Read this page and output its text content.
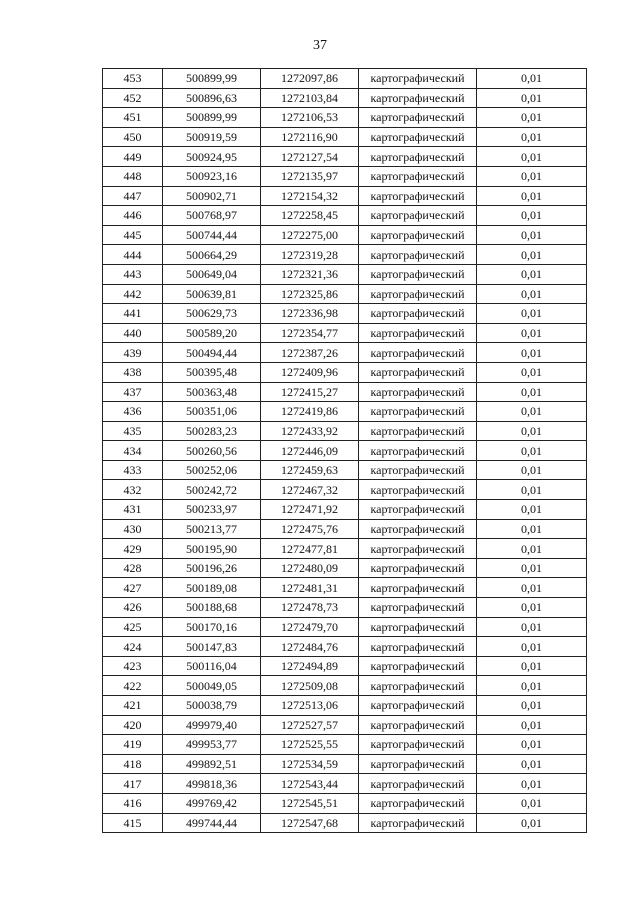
37
453	500899,99	1272097,86	картографический	0,01
452	500896,63	1272103,84	картографический	0,01
451	500899,99	1272106,53	картографический	0,01
450	500919,59	1272116,90	картографический	0,01
449	500924,95	1272127,54	картографический	0,01
448	500923,16	1272135,97	картографический	0,01
447	500902,71	1272154,32	картографический	0,01
446	500768,97	1272258,45	картографический	0,01
445	500744,44	1272275,00	картографический	0,01
444	500664,29	1272319,28	картографический	0,01
443	500649,04	1272321,36	картографический	0,01
442	500639,81	1272325,86	картографический	0,01
441	500629,73	1272336,98	картографический	0,01
440	500589,20	1272354,77	картографический	0,01
439	500494,44	1272387,26	картографический	0,01
438	500395,48	1272409,96	картографический	0,01
437	500363,48	1272415,27	картографический	0,01
436	500351,06	1272419,86	картографический	0,01
435	500283,23	1272433,92	картографический	0,01
434	500260,56	1272446,09	картографический	0,01
433	500252,06	1272459,63	картографический	0,01
432	500242,72	1272467,32	картографический	0,01
431	500233,97	1272471,92	картографический	0,01
430	500213,77	1272475,76	картографический	0,01
429	500195,90	1272477,81	картографический	0,01
428	500196,26	1272480,09	картографический	0,01
427	500189,08	1272481,31	картографический	0,01
426	500188,68	1272478,73	картографический	0,01
425	500170,16	1272479,70	картографический	0,01
424	500147,83	1272484,76	картографический	0,01
423	500116,04	1272494,89	картографический	0,01
422	500049,05	1272509,08	картографический	0,01
421	500038,79	1272513,06	картографический	0,01
420	499979,40	1272527,57	картографический	0,01
419	499953,77	1272525,55	картографический	0,01
418	499892,51	1272534,59	картографический	0,01
417	499818,36	1272543,44	картографический	0,01
416	499769,42	1272545,51	картографический	0,01
415	499744,44	1272547,68	картографический	0,01
